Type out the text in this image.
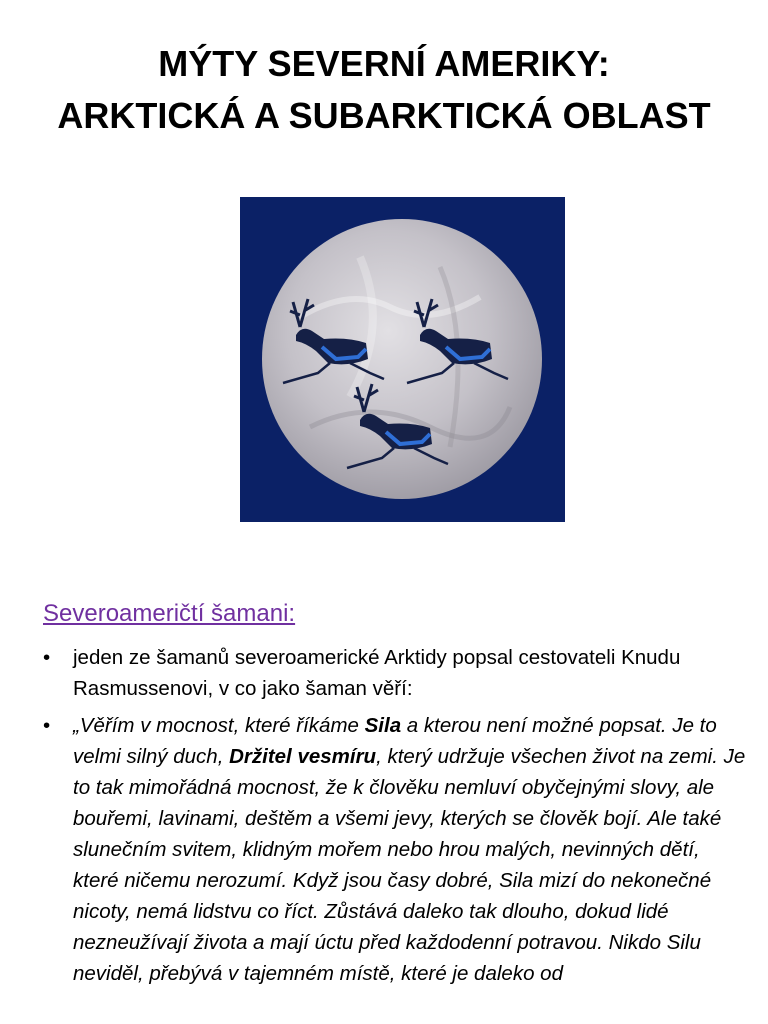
MÝTY SEVERNÍ AMERIKY:
ARKTICKÁ A SUBARKTICKÁ OBLAST
Severoameričtí šamani:
•	jeden ze šamanů severoamerické Arktidy popsal cestovateli Knudu Rasmussenovi, v co jako šaman věří:
•	„Věřím v mocnost, které říkáme Sila a kterou není možné popsat. Je to velmi silný duch, Držitel vesmíru, který udržuje všechen život na zemi. Je to tak mimořádná mocnost, že k člověku nemluví obyčejnými slovy, ale bouřemi, lavinami, deštěm a všemi jevy, kterých se člověk bojí. Ale také slunečním svitem, klidným mořem nebo hrou malých, nevinných dětí, které ničemu nerozumí. Když jsou časy dobré, Sila mizí do nekonečné nicoty, nemá lidstvu co říct. Zůstává daleko tak dlouho, dokud lidé nezneužívají života a mají úctu před každodenní potravou. Nikdo Silu neviděl, přebývá v tajemném místě, které je daleko od
